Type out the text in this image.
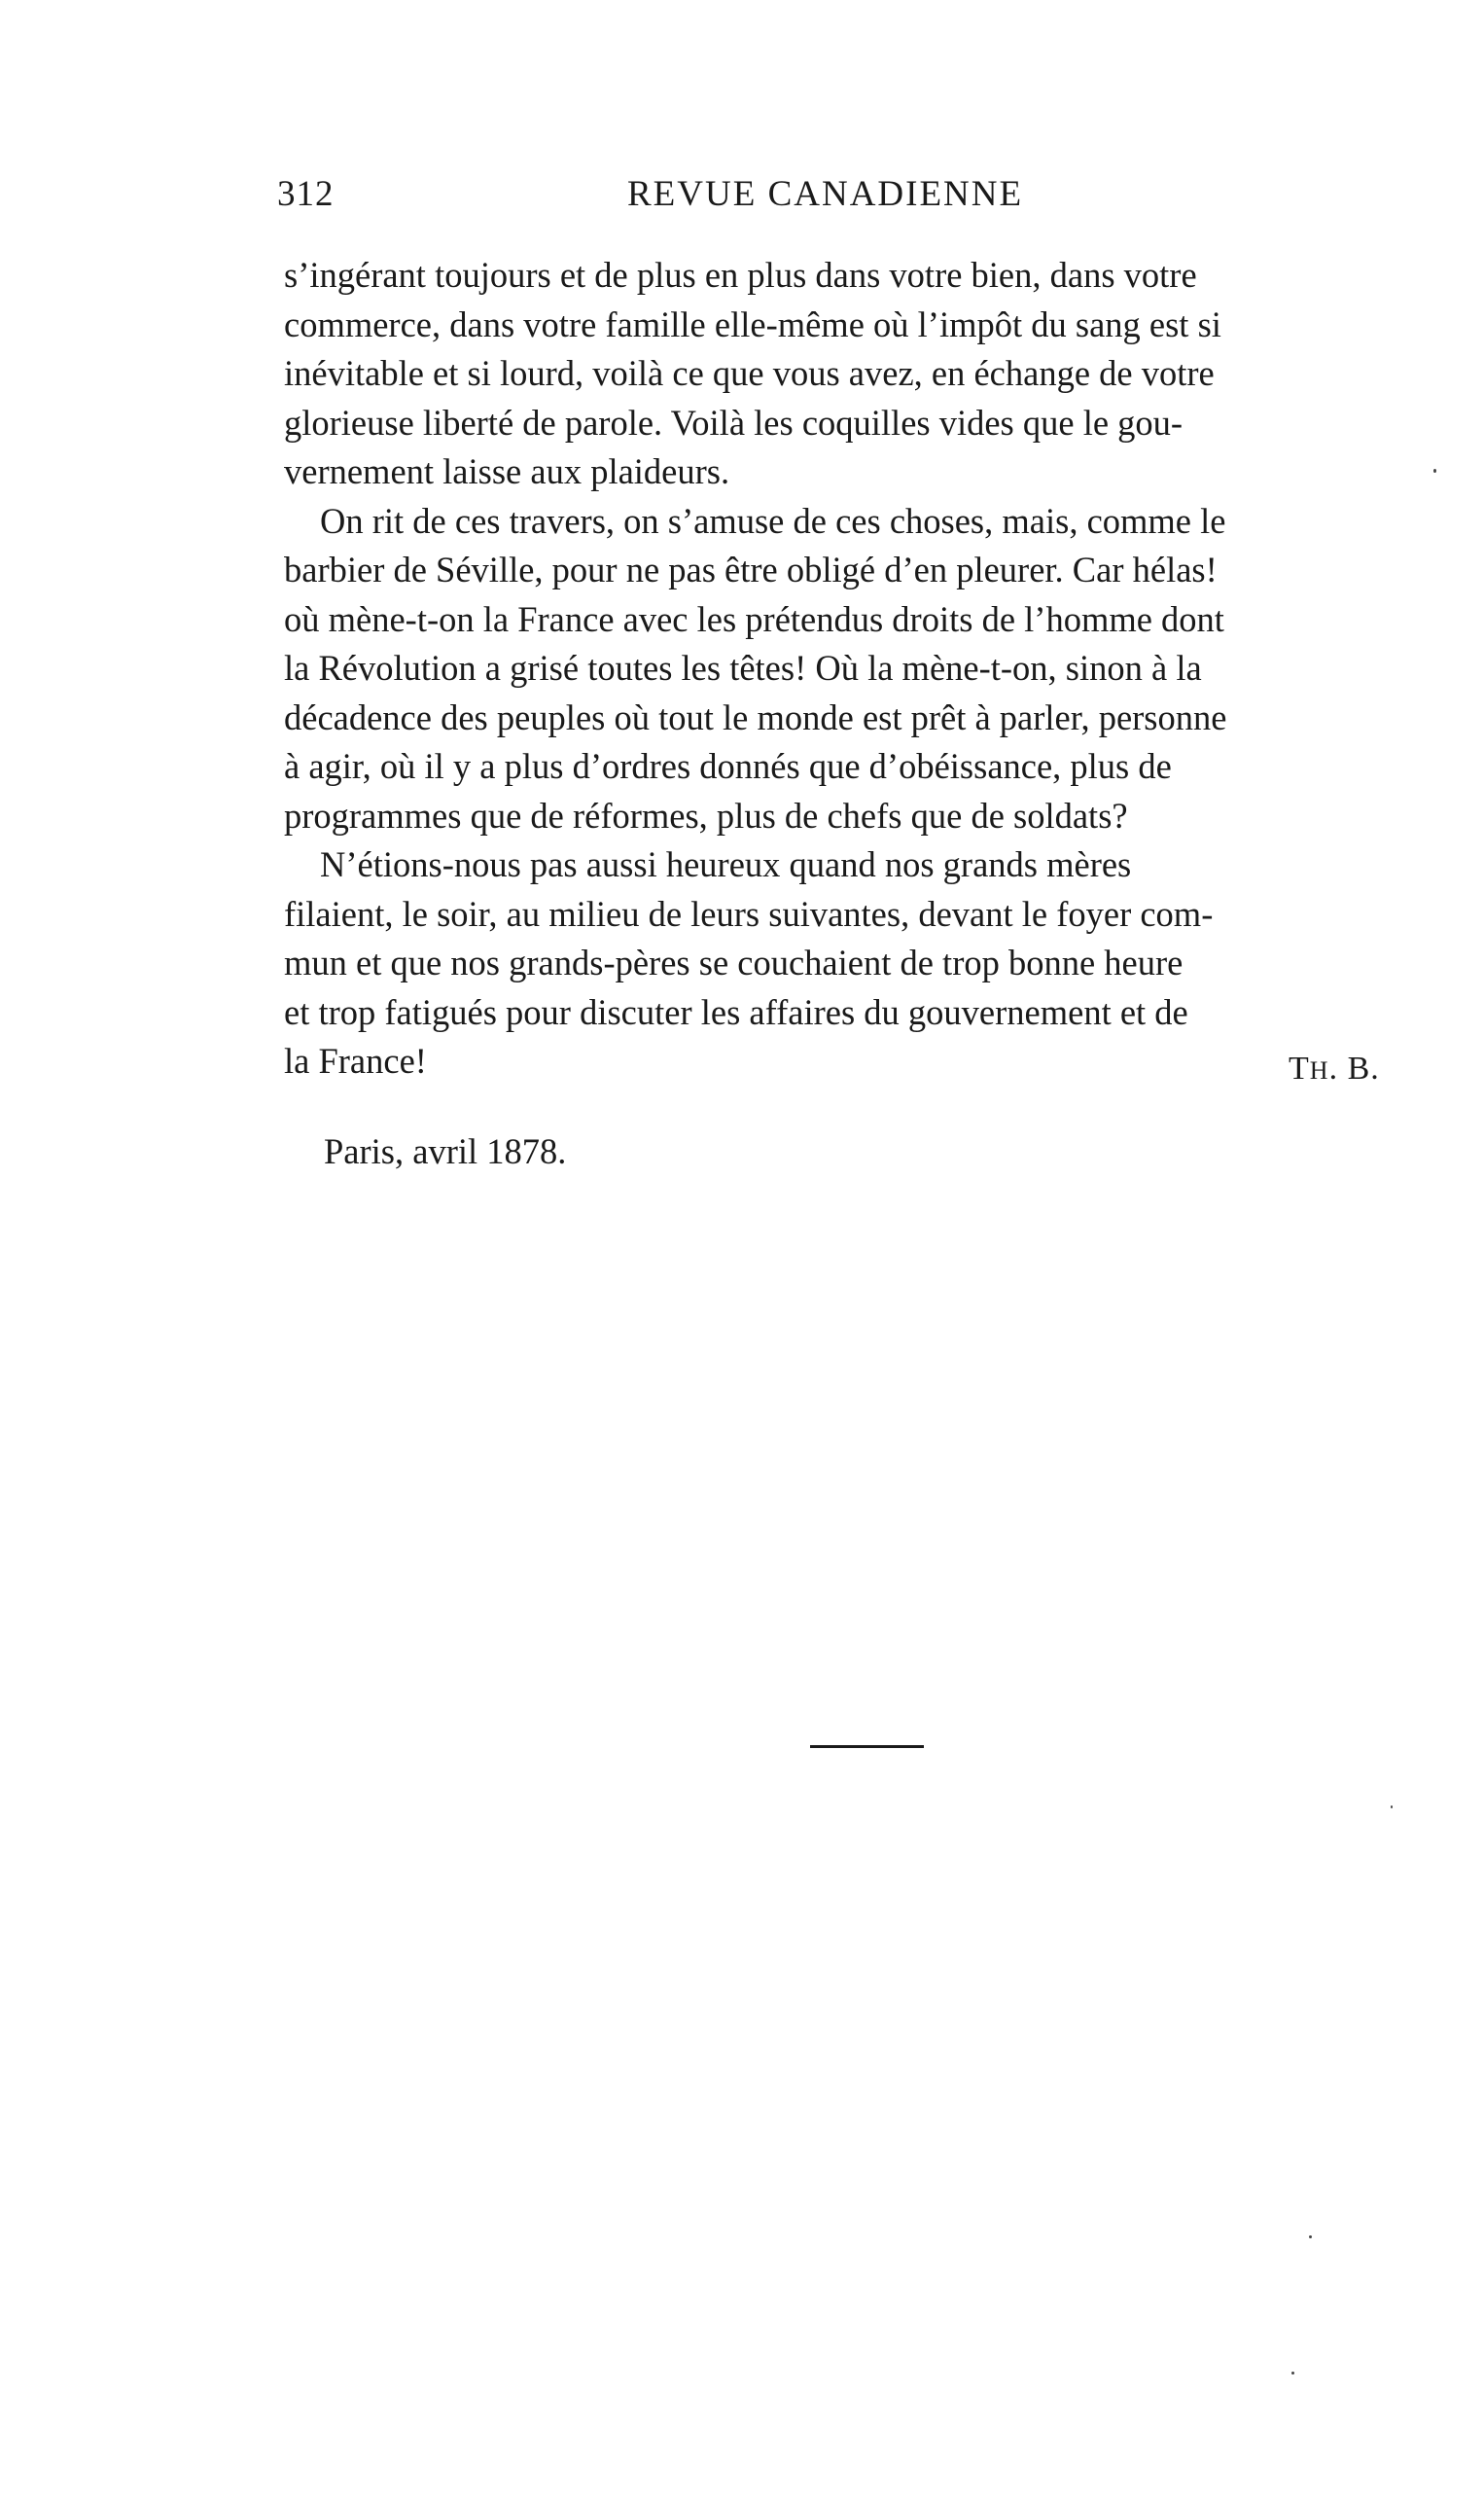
312	REVUE CANADIENNE
s’ingérant toujours et de plus en plus dans votre bien, dans votre
commerce, dans votre famille elle-même où l’impôt du sang est si
inévitable et si lourd, voilà ce que vous avez, en échange de votre
glorieuse liberté de parole. Voilà les coquilles vides que le gou-
vernement laisse aux plaideurs.
On rit de ces travers, on s’amuse de ces choses, mais, comme le
barbier de Séville, pour ne pas être obligé d’en pleurer. Car hélas!
où mène-t-on la France avec les prétendus droits de l’homme dont
la Révolution a grisé toutes les têtes! Où la mène-t-on, sinon à la
décadence des peuples où tout le monde est prêt à parler, personne
à agir, où il y a plus d’ordres donnés que d’obéissance, plus de
programmes que de réformes, plus de chefs que de soldats?
N’étions-nous pas aussi heureux quand nos grands mères
filaient, le soir, au milieu de leurs suivantes, devant le foyer com-
mun et que nos grands-pères se couchaient de trop bonne heure
et trop fatigués pour discuter les affaires du gouvernement et de
la France!	TH. B.
Paris, avril 1878.
